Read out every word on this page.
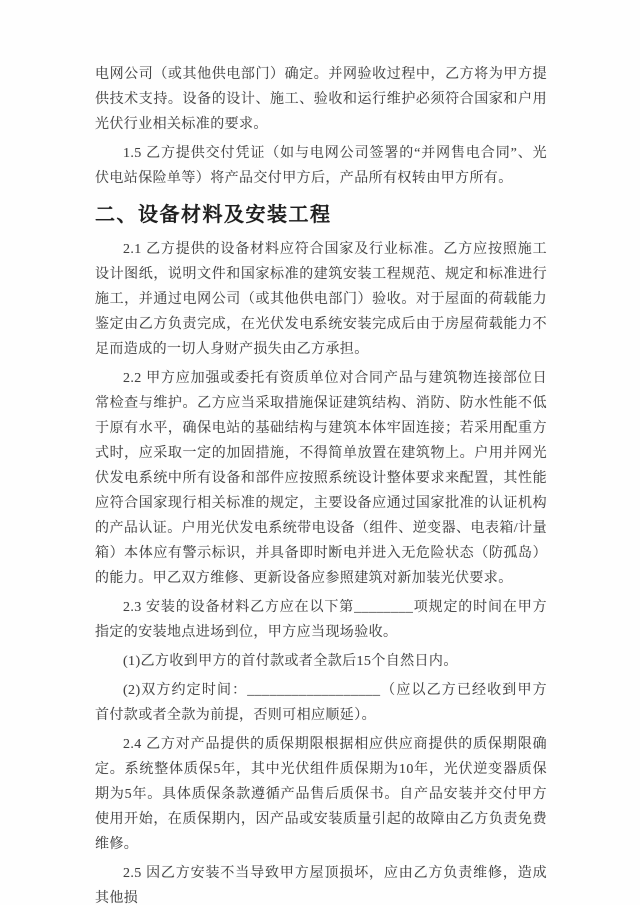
电网公司（或其他供电部门）确定。并网验收过程中，乙方将为甲方提供技术支持。设备的设计、施工、验收和运行维护必须符合国家和户用光伏行业相关标准的要求。

1.5 乙方提供交付凭证（如与电网公司签署的“并网售电合同”、光伏电站保险单等）将产品交付甲方后，产品所有权转由甲方所有。

二、设备材料及安装工程

2.1 乙方提供的设备材料应符合国家及行业标准。乙方应按照施工设计图纸，说明文件和国家标准的建筑安装工程规范、规定和标准进行施工，并通过电网公司（或其他供电部门）验收。对于屋面的荷载能力鉴定由乙方负责完成，在光伏发电系统安装完成后由于房屋荷载能力不足而造成的一切人身财产损失由乙方承担。

2.2 甲方应加强或委托有资质单位对合同产品与建筑物连接部位日常检查与维护。乙方应当采取措施保证建筑结构、消防、防水性能不低于原有水平，确保电站的基础结构与建筑本体牢固连接；若采用配重方式时，应采取一定的加固措施，不得简单放置在建筑物上。户用并网光伏发电系统中所有设备和部件应按照系统设计整体要求来配置，其性能应符合国家现行相关标准的规定，主要设备应通过国家批准的认证机构的产品认证。户用光伏发电系统带电设备（组件、逆变器、电表箱/计量箱）本体应有警示标识，并具备即时断电并进入无危险状态（防孤岛）的能力。甲乙双方维修、更新设备应参照建筑对新加装光伏要求。

2.3 安装的设备材料乙方应在以下第________项规定的时间在甲方指定的安装地点进场到位，甲方应当现场验收。

(1)乙方收到甲方的首付款或者全款后15个自然日内。

(2)双方约定时间：__________________（应以乙方已经收到甲方首付款或者全款为前提，否则可相应顺延）。

2.4 乙方对产品提供的质保期限根据相应供应商提供的质保期限确定。系统整体质保5年，其中光伏组件质保期为10年，光伏逆变器质保期为5年。具体质保条款遵循产品售后质保书。自产品安装并交付甲方使用开始，在质保期内，因产品或安装质量引起的故障由乙方负责免费维修。

2.5 因乙方安装不当导致甲方屋顶损坏，应由乙方负责维修，造成其他损
